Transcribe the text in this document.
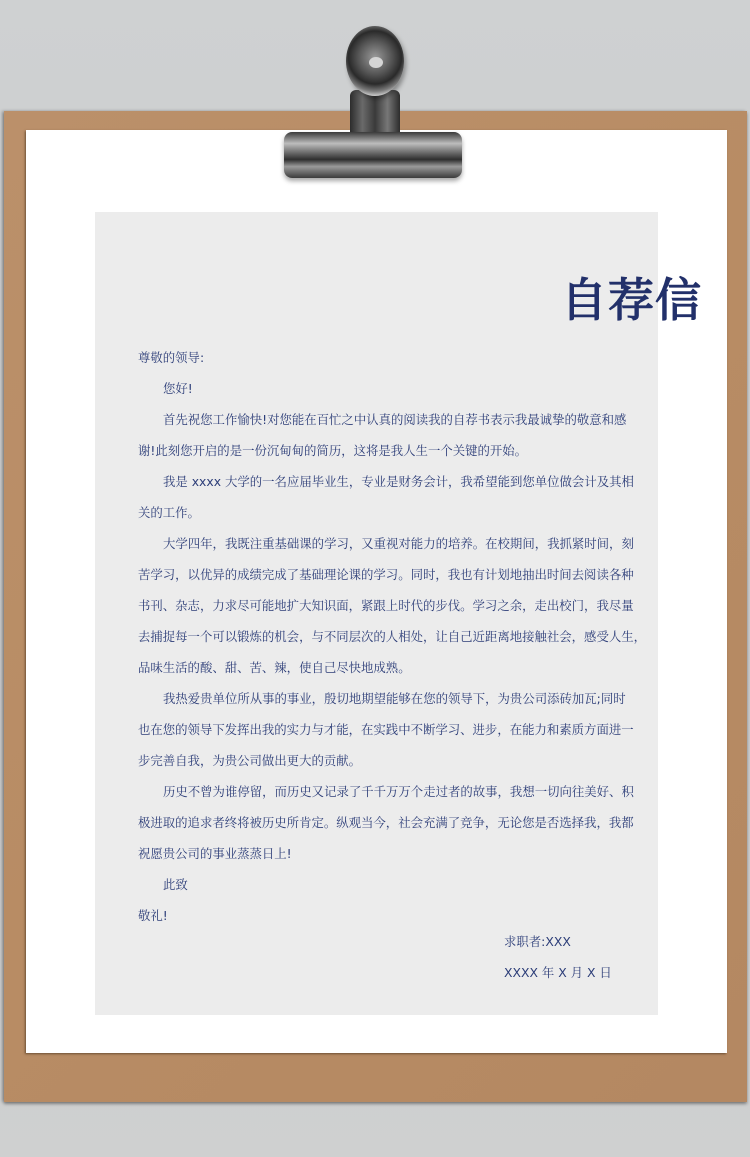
自荐信
尊敬的领导:
您好!
首先祝您工作愉快!对您能在百忙之中认真的阅读我的自荐书表示我最诚挚的敬意和感
谢!此刻您开启的是一份沉甸甸的简历，这将是我人生一个关键的开始。
我是 xxxx 大学的一名应届毕业生，专业是财务会计，我希望能到您单位做会计及其相
关的工作。
大学四年，我既注重基础课的学习，又重视对能力的培养。在校期间，我抓紧时间，刻
苦学习，以优异的成绩完成了基础理论课的学习。同时，我也有计划地抽出时间去阅读各种
书刊、杂志，力求尽可能地扩大知识面，紧跟上时代的步伐。学习之余，走出校门，我尽量
去捕捉每一个可以锻炼的机会，与不同层次的人相处，让自己近距离地接触社会，感受人生，
品味生活的酸、甜、苦、辣，使自己尽快地成熟。
我热爱贵单位所从事的事业，殷切地期望能够在您的领导下，为贵公司添砖加瓦;同时
也在您的领导下发挥出我的实力与才能，在实践中不断学习、进步，在能力和素质方面进一
步完善自我，为贵公司做出更大的贡献。
历史不曾为谁停留，而历史又记录了千千万万个走过者的故事，我想一切向往美好、积
极进取的追求者终将被历史所肯定。纵观当今，社会充满了竞争，无论您是否选择我，我都
祝愿贵公司的事业蒸蒸日上!
此致
敬礼!
求职者:XXX
XXXX 年 X 月 X 日
